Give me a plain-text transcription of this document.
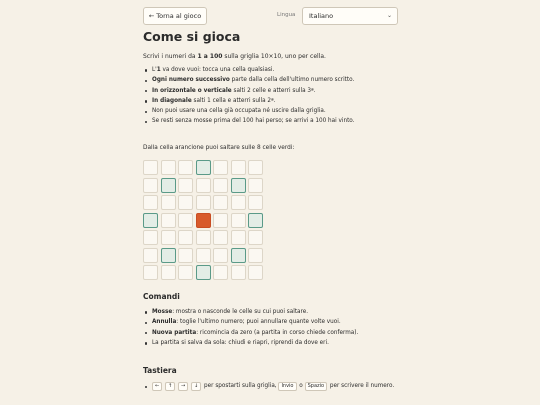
← Torna al gioco	Lingua Italiano	⌄
Come si gioca
Scrivi i numeri da 1 a 100 sulla griglia 10×10, uno per cella.
L'1 va dove vuoi: tocca una cella qualsiasi.
Ogni numero successivo parte dalla cella dell'ultimo numero scritto.
In orizzontale o verticale salti 2 celle e atterri sulla 3ª.
In diagonale salti 1 cella e atterri sulla 2ª.
Non puoi usare una cella già occupata né uscire dalla griglia.
Se resti senza mosse prima del 100 hai perso; se arrivi a 100 hai vinto.
Dalla cella arancione puoi saltare sulle 8 celle verdi:
Comandi
Mosse: mostra o nasconde le celle su cui puoi saltare.
Annulla: toglie l'ultimo numero; puoi annullare quante volte vuoi.
Nuova partita: ricomincia da zero (a partita in corso chiede conferma).
La partita si salva da sola: chiudi e riapri, riprendi da dove eri.
Tastiera
← ↑ → ↓ per spostarti sulla griglia, Invio o Spazio per scrivere il numero.
